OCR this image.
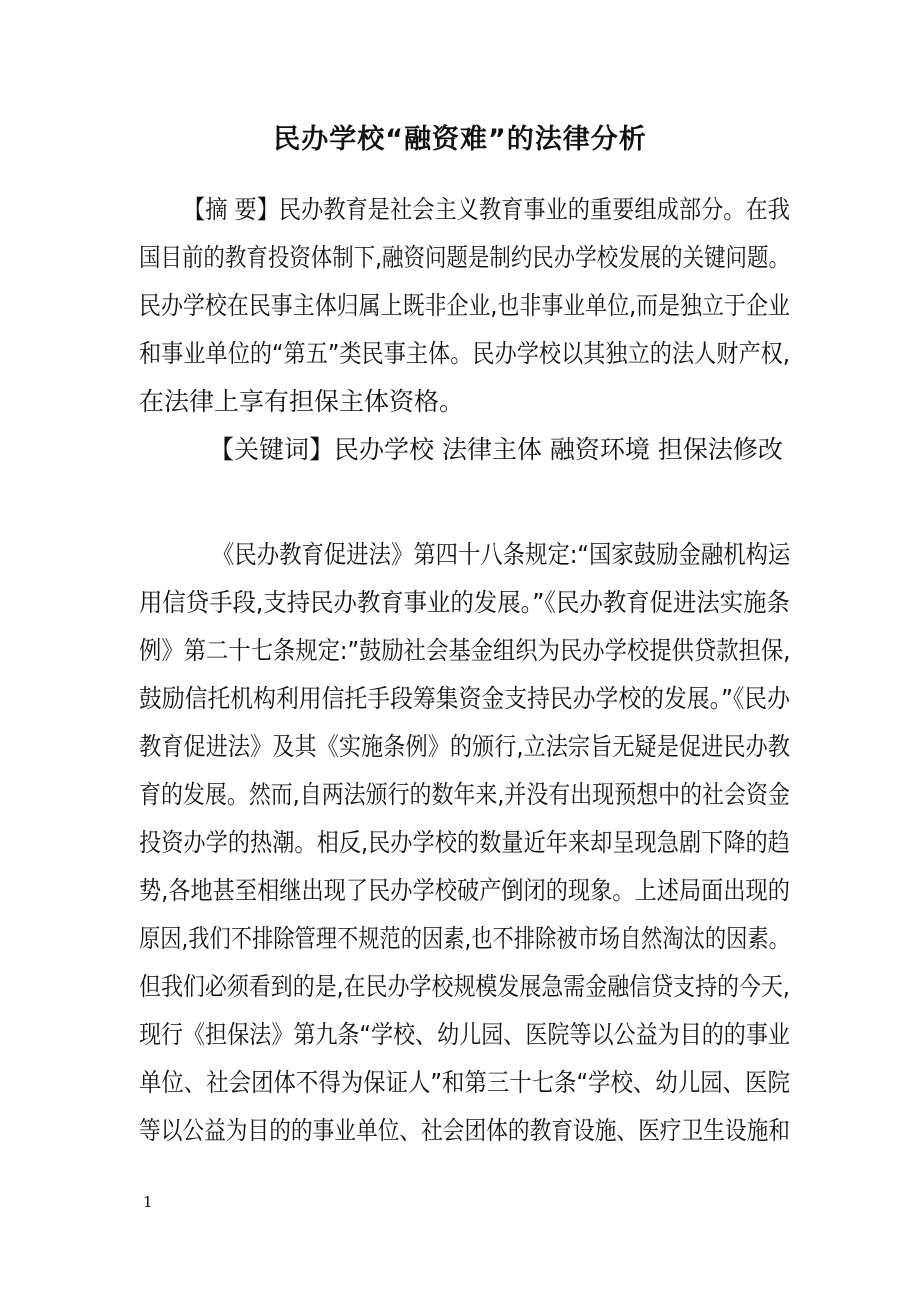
民办学校“融资难”的法律分析
【摘 要】民办教育是社会主义教育事业的重要组成部分。在我
国目前的教育投资体制下,融资问题是制约民办学校发展的关键问题。
民办学校在民事主体归属上既非企业,也非事业单位,而是独立于企业
和事业单位的“第五”类民事主体。民办学校以其独立的法人财产权,
在法律上享有担保主体资格。
【关键词】民办学校 法律主体 融资环境 担保法修改
《民办教育促进法》第四十八条规定:“国家鼓励金融机构运
用信贷手段,支持民办教育事业的发展。”《民办教育促进法实施条
例》第二十七条规定:”鼓励社会基金组织为民办学校提供贷款担保,
鼓励信托机构利用信托手段筹集资金支持民办学校的发展。”《民办
教育促进法》及其《实施条例》的颁行,立法宗旨无疑是促进民办教
育的发展。然而,自两法颁行的数年来,并没有出现预想中的社会资金
投资办学的热潮。相反,民办学校的数量近年来却呈现急剧下降的趋
势,各地甚至相继出现了民办学校破产倒闭的现象。上述局面出现的
原因,我们不排除管理不规范的因素,也不排除被市场自然淘汰的因素。
但我们必须看到的是,在民办学校规模发展急需金融信贷支持的今天,
现行《担保法》第九条“学校、幼儿园、医院等以公益为目的的事业
单位、社会团体不得为保证人”和第三十七条“学校、幼儿园、医院
等以公益为目的的事业单位、社会团体的教育设施、医疗卫生设施和
1
